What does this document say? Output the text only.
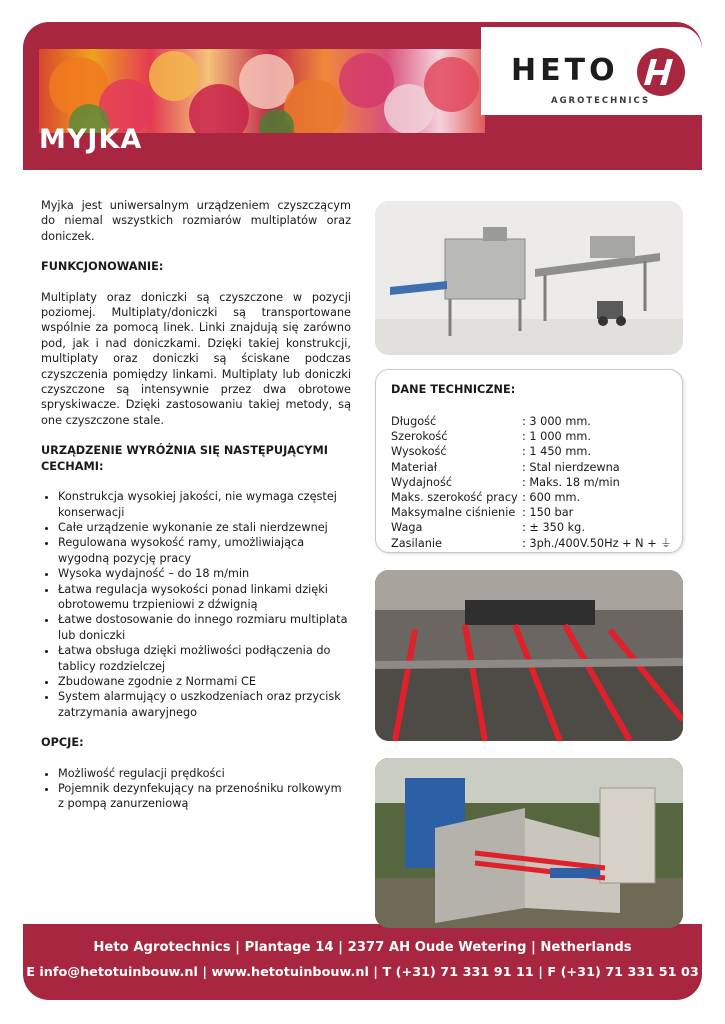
HETO
AGROTECHNICS
MYJKA

Myjka jest uniwersalnym urządzeniem czyszczącym do niemal wszystkich rozmiarów multiplatów oraz doniczek.

FUNKCJONOWANIE:

Multiplaty oraz doniczki są czyszczone w pozycji poziomej. Multiplaty/doniczki są transportowane wspólnie za pomocą linek. Linki znajdują się zarówno pod, jak i nad doniczkami. Dzięki takiej konstrukcji, multiplaty oraz doniczki są ściskane podczas czyszczenia pomiędzy linkami. Multiplaty lub doniczki czyszczone są intensywnie przez dwa obrotowe spryskiwacze. Dzięki zastosowaniu takiej metody, są one czyszczone stale.

URZĄDZENIE WYRÓŻNIA SIĘ NASTĘPUJĄCYMI CECHAMI:
• Konstrukcja wysokiej jakości, nie wymaga częstej konserwacji
• Całe urządzenie wykonanie ze stali nierdzewnej
• Regulowana wysokość ramy, umożliwiająca wygodną pozycję pracy
• Wysoka wydajność – do 18 m/min
• Łatwa regulacja wysokości ponad linkami dzięki obrotowemu trzpieniowi z dźwignią
• Łatwe dostosowanie do innego rozmiaru multiplata lub doniczki
• Łatwa obsługa dzięki możliwości podłączenia do tablicy rozdzielczej
• Zbudowane zgodnie z Normami CE
• System alarmujący o uszkodzeniach oraz przycisk zatrzymania awaryjnego
OPCJE:
• Możliwość regulacji prędkości
• Pojemnik dezynfekujący na przenośniku rolkowym z pompą zanurzeniową
DANE TECHNICZNE:
Długość	: 3 000 mm.
Szerokość	: 1 000 mm.
Wysokość	: 1 450 mm.
Materiał	: Stal nierdzewna
Wydajność	: Maks. 18 m/min
Maks. szerokość pracy	: 600 mm.
Maksymalne ciśnienie	: 150 bar
Waga	: ± 350 kg.
Zasilanie	: 3ph./400V.50Hz + N + ⏚
Heto Agrotechnics | Plantage 14 | 2377 AH Oude Wetering | Netherlands
E info@hetotuinbouw.nl | www.hetotuinbouw.nl | T (+31) 71 331 91 11 | F (+31) 71 331 51 03
